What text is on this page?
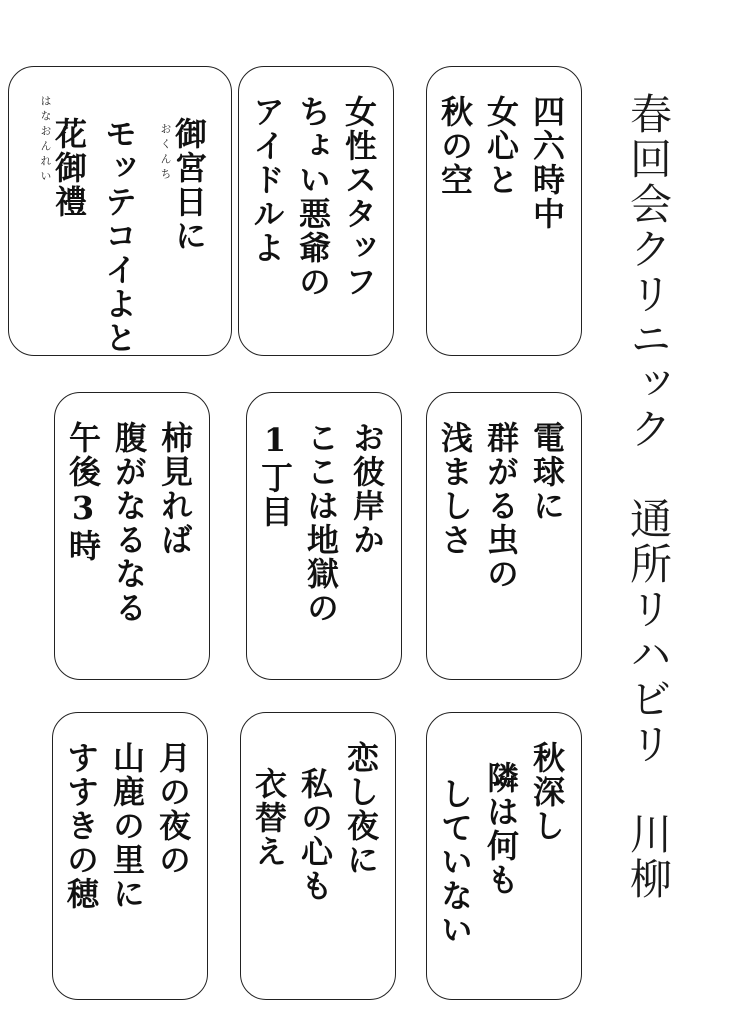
春回会クリニック　通所リハビリ　川柳
四六時中
女心と
秋の空
女性スタッフ
ちょい悪爺の
アイドルよ
御宮日に
おくんち
モッテコイよと
花御禮
はなおんれい
電球に
群がる虫の
浅ましさ
お彼岸か
ここは地獄の
1丁目
柿見れば
腹がなるなる
午後3時
秋深し
隣は何も
していない
恋し夜に
私の心も
衣替え
月の夜の
山鹿の里に
すすきの穂
